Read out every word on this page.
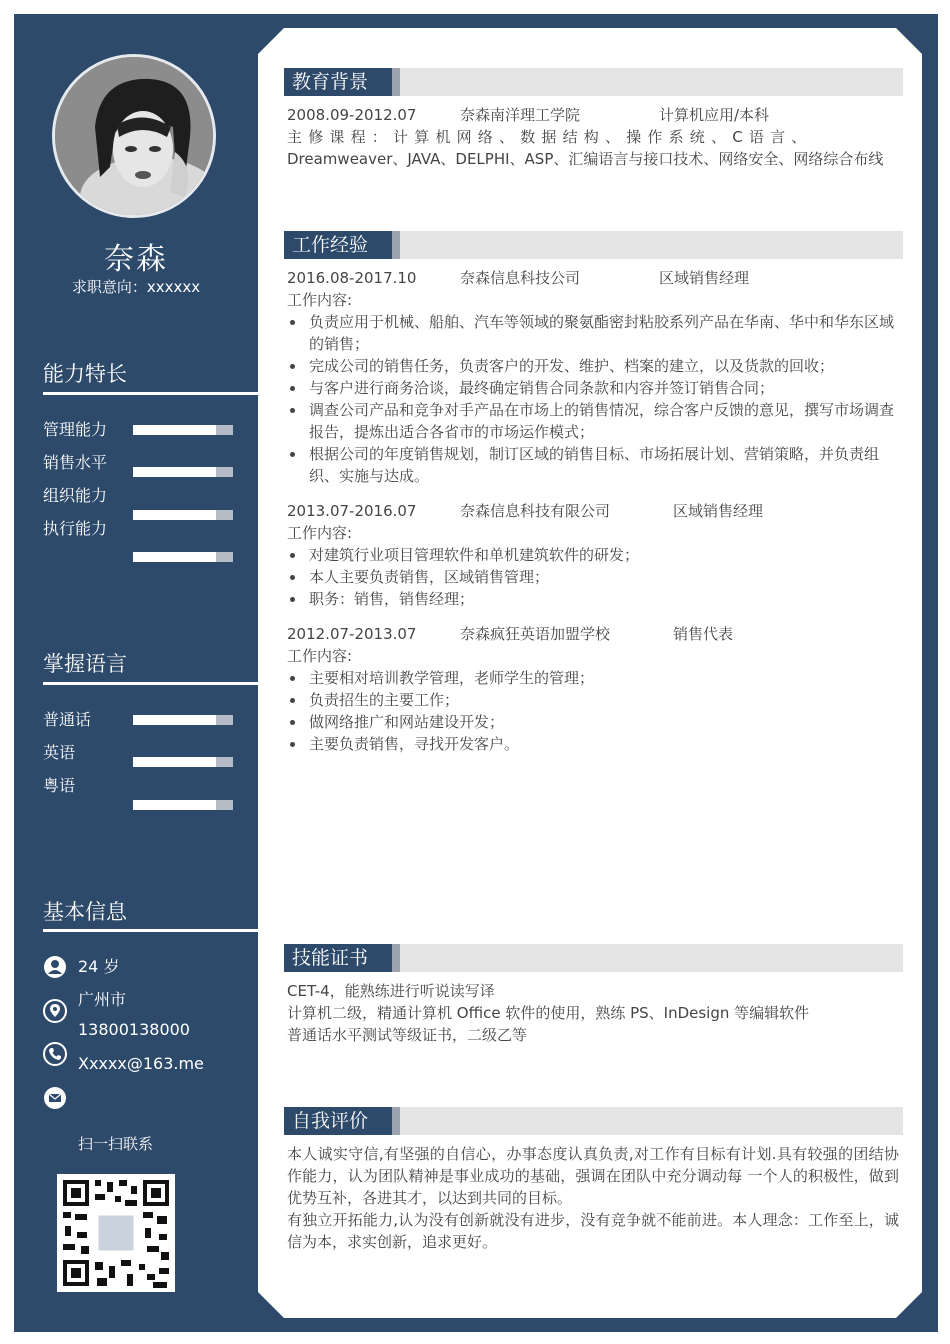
奈森
求职意向：xxxxxx
能力特长
管理能力
销售水平
组织能力
执行能力
掌握语言
普通话
英语
粤语
基本信息
24 岁
广州市
13800138000
Xxxxx@163.me
扫一扫联系
教育背景
2008.09-2012.07	奈森南洋理工学院	计算机应用/本科
主修课程：计算机网络、数据结构、操作系统、C语言、
Dreamweaver、JAVA、DELPHI、ASP、汇编语言与接口技术、网络安全、网络综合布线
工作经验
2016.08-2017.10	奈森信息科技公司	区域销售经理
工作内容:
负责应用于机械、船舶、汽车等领域的聚氨酯密封粘胶系列产品在华南、华中和华东区域的销售；
完成公司的销售任务，负责客户的开发、维护、档案的建立，以及货款的回收；
与客户进行商务洽谈，最终确定销售合同条款和内容并签订销售合同；
调查公司产品和竞争对手产品在市场上的销售情况，综合客户反馈的意见，撰写市场调查报告，提炼出适合各省市的市场运作模式；
根据公司的年度销售规划，制订区域的销售目标、市场拓展计划、营销策略，并负责组织、实施与达成。
2013.07-2016.07	奈森信息科技有限公司	区域销售经理
工作内容:
对建筑行业项目管理软件和单机建筑软件的研发；
本人主要负责销售，区域销售管理；
职务：销售，销售经理；
2012.07-2013.07	奈森疯狂英语加盟学校	销售代表
工作内容:
主要相对培训教学管理，老师学生的管理；
负责招生的主要工作；
做网络推广和网站建设开发；
主要负责销售，寻找开发客户。
技能证书
CET-4，能熟练进行听说读写译
计算机二级，精通计算机 Office 软件的使用，熟练 PS、InDesign 等编辑软件
普通话水平测试等级证书，二级乙等
自我评价
本人诚实守信,有坚强的自信心，办事态度认真负责,对工作有目标有计划.具有较强的团结协作能力，认为团队精神是事业成功的基础，强调在团队中充分调动每 一个人的积极性，做到优势互补，各进其才，以达到共同的目标。
有独立开拓能力,认为没有创新就没有进步，没有竞争就不能前进。本人理念：工作至上，诚信为本，求实创新，追求更好。
